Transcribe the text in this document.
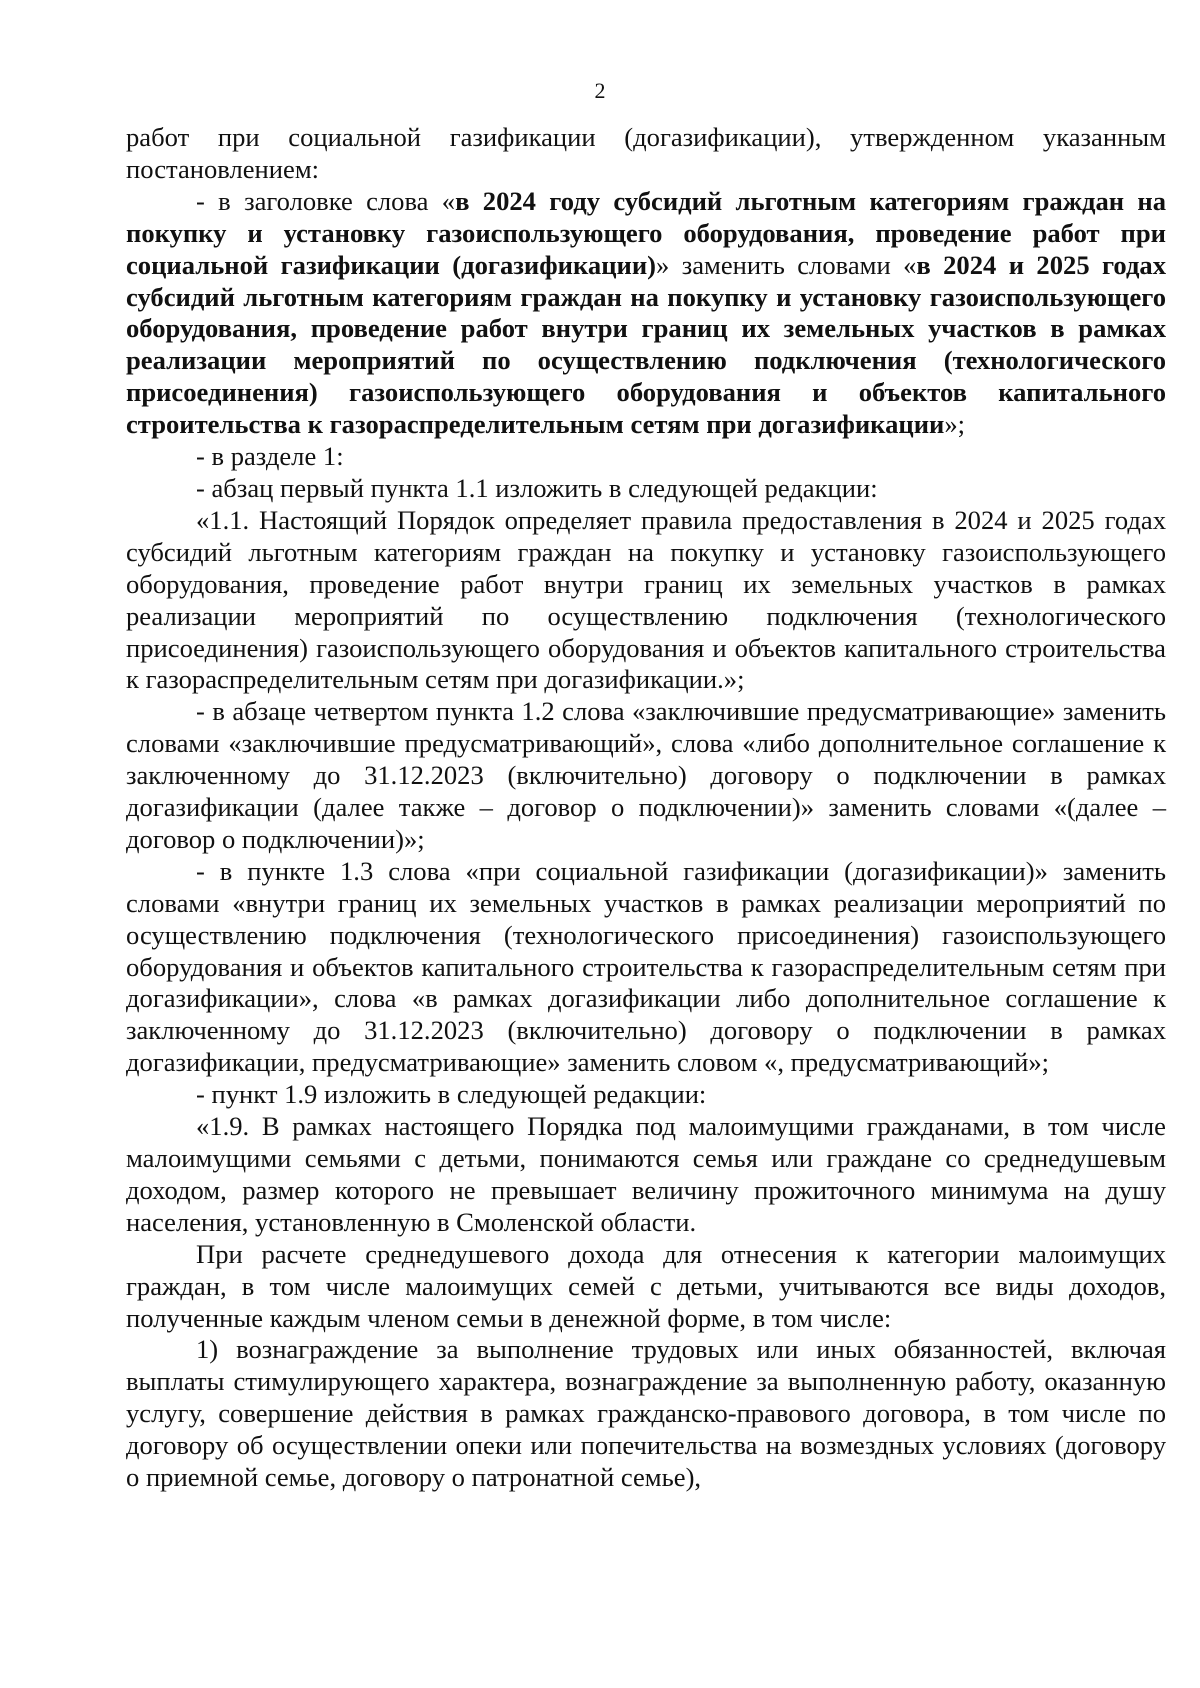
2

работ при социальной газификации (догазификации), утвержденном указанным постановлением:

- в заголовке слова «в 2024 году субсидий льготным категориям граждан на покупку и установку газоиспользующего оборудования, проведение работ при социальной газификации (догазификации)» заменить словами «в 2024 и 2025 годах субсидий льготным категориям граждан на покупку и установку газоиспользующего оборудования, проведение работ внутри границ их земельных участков в рамках реализации мероприятий по осуществлению подключения (технологического присоединения) газоиспользующего оборудования и объектов капитального строительства к газораспределительным сетям при догазификации»;

- в разделе 1:

- абзац первый пункта 1.1 изложить в следующей редакции:

«1.1. Настоящий Порядок определяет правила предоставления в 2024 и 2025 годах субсидий льготным категориям граждан на покупку и установку газоиспользующего оборудования, проведение работ внутри границ их земельных участков в рамках реализации мероприятий по осуществлению подключения (технологического присоединения) газоиспользующего оборудования и объектов капитального строительства к газораспределительным сетям при догазификации.»;

- в абзаце четвертом пункта 1.2 слова «заключившие предусматривающие» заменить словами «заключившие предусматривающий», слова «либо дополнительное соглашение к заключенному до 31.12.2023 (включительно) договору о подключении в рамках догазификации (далее также – договор о подключении)» заменить словами «(далее – договор о подключении)»;

- в пункте 1.3 слова «при социальной газификации (догазификации)» заменить словами «внутри границ их земельных участков в рамках реализации мероприятий по осуществлению подключения (технологического присоединения) газоиспользующего оборудования и объектов капитального строительства к газораспределительным сетям при догазификации», слова «в рамках догазификации либо дополнительное соглашение к заключенному до 31.12.2023 (включительно) договору о подключении в рамках догазификации, предусматривающие» заменить словом «, предусматривающий»;

- пункт 1.9 изложить в следующей редакции:

«1.9. В рамках настоящего Порядка под малоимущими гражданами, в том числе малоимущими семьями с детьми, понимаются семья или граждане со среднедушевым доходом, размер которого не превышает величину прожиточного минимума на душу населения, установленную в Смоленской области.

При расчете среднедушевого дохода для отнесения к категории малоимущих граждан, в том числе малоимущих семей с детьми, учитываются все виды доходов, полученные каждым членом семьи в денежной форме, в том числе:

1) вознаграждение за выполнение трудовых или иных обязанностей, включая выплаты стимулирующего характера, вознаграждение за выполненную работу, оказанную услугу, совершение действия в рамках гражданско-правового договора, в том числе по договору об осуществлении опеки или попечительства на возмездных условиях (договору о приемной семье, договору о патронатной семье),
